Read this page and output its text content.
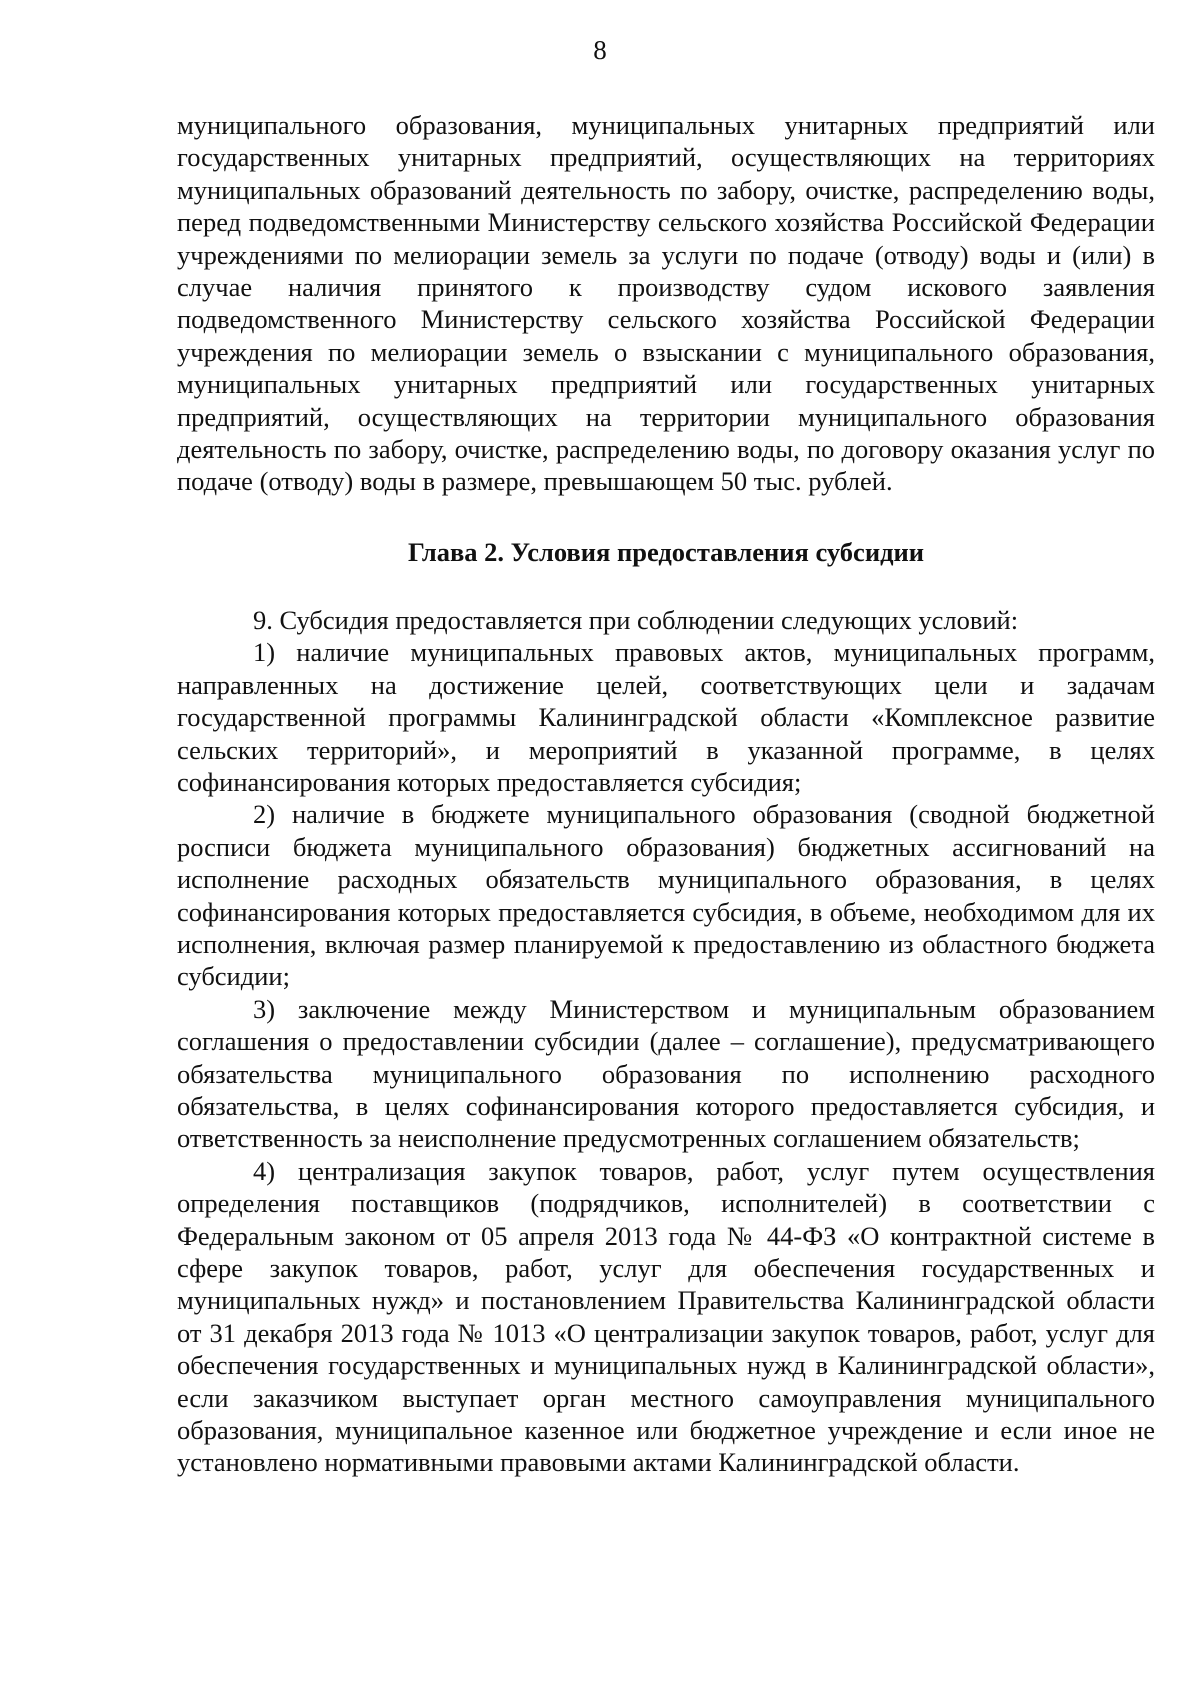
8

муниципального образования, муниципальных унитарных предприятий или государственных унитарных предприятий, осуществляющих на территориях муниципальных образований деятельность по забору, очистке, распределению воды, перед подведомственными Министерству сельского хозяйства Российской Федерации учреждениями по мелиорации земель за услуги по подаче (отводу) воды и (или) в случае наличия принятого к производству судом искового заявления подведомственного Министерству сельского хозяйства Российской Федерации учреждения по мелиорации земель о взыскании с муниципального образования, муниципальных унитарных предприятий или государственных унитарных предприятий, осуществляющих на территории муниципального образования деятельность по забору, очистке, распределению воды, по договору оказания услуг по подаче (отводу) воды в размере, превышающем 50 тыс. рублей.

Глава 2. Условия предоставления субсидии

9. Субсидия предоставляется при соблюдении следующих условий:

1) наличие муниципальных правовых актов, муниципальных программ, направленных на достижение целей, соответствующих цели и задачам государственной программы Калининградской области «Комплексное развитие сельских территорий», и мероприятий в указанной программе, в целях софинансирования которых предоставляется субсидия;

2) наличие в бюджете муниципального образования (сводной бюджетной росписи бюджета муниципального образования) бюджетных ассигнований на исполнение расходных обязательств муниципального образования, в целях софинансирования которых предоставляется субсидия, в объеме, необходимом для их исполнения, включая размер планируемой к предоставлению из областного бюджета субсидии;

3) заключение между Министерством и муниципальным образованием соглашения о предоставлении субсидии (далее – соглашение), предусматривающего обязательства муниципального образования по исполнению расходного обязательства, в целях софинансирования которого предоставляется субсидия, и ответственность за неисполнение предусмотренных соглашением обязательств;

4) централизация закупок товаров, работ, услуг путем осуществления определения поставщиков (подрядчиков, исполнителей) в соответствии с Федеральным законом от 05 апреля 2013 года № 44-ФЗ «О контрактной системе в сфере закупок товаров, работ, услуг для обеспечения государственных и муниципальных нужд» и постановлением Правительства Калининградской области от 31 декабря 2013 года № 1013 «О централизации закупок товаров, работ, услуг для обеспечения государственных и муниципальных нужд в Калининградской области», если заказчиком выступает орган местного самоуправления муниципального образования, муниципальное казенное или бюджетное учреждение и если иное не установлено нормативными правовыми актами Калининградской области.
